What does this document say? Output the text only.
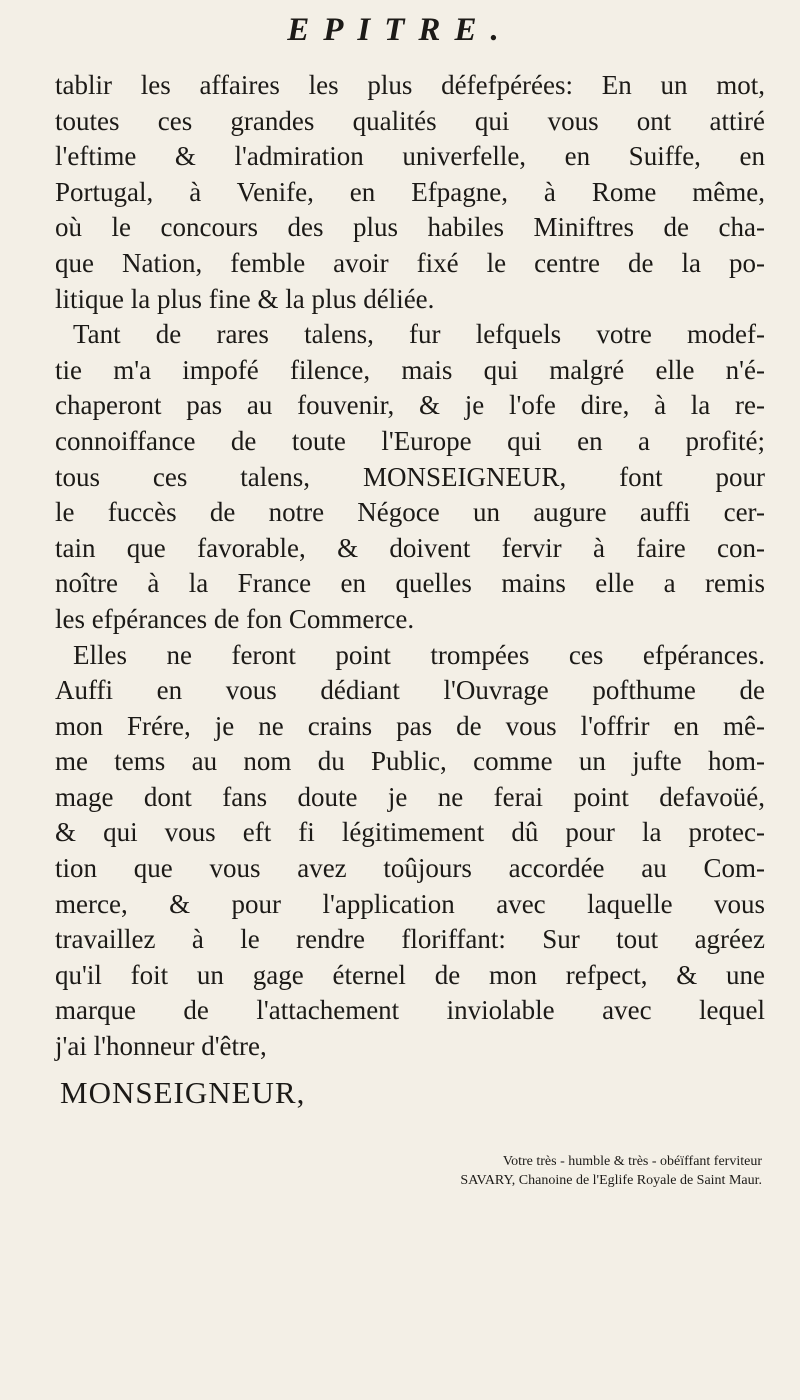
EPITRE.
tablir les affaires les plus défefpérées: En un mot,
toutes ces grandes qualités qui vous ont attiré
l'eftime & l'admiration univerfelle, en Suiffe, en
Portugal, à Venife, en Efpagne, à Rome même,
où le concours des plus habiles Miniftres de cha-
que Nation, femble avoir fixé le centre de la po-
litique la plus fine & la plus déliée.
Tant de rares talens, fur lefquels votre modef-
tie m'a impofé filence, mais qui malgré elle n'é-
chaperont pas au fouvenir, & je l'ofe dire, à la re-
connoiffance de toute l'Europe qui en a profité;
tous ces talens, MONSEIGNEUR, font pour
le fuccès de notre Négoce un augure auffi cer-
tain que favorable, & doivent fervir à faire con-
noître à la France en quelles mains elle a remis
les efpérances de fon Commerce.
Elles ne feront point trompées ces efpérances.
Auffi en vous dédiant l'Ouvrage pofthume de
mon Frére, je ne crains pas de vous l'offrir en mê-
me tems au nom du Public, comme un jufte hom-
mage dont fans doute je ne ferai point defavoüé,
& qui vous eft fi légitimement dû pour la protec-
tion que vous avez toûjours accordée au Com-
merce, & pour l'application avec laquelle vous
travaillez à le rendre floriffant: Sur tout agréez
qu'il foit un gage éternel de mon refpect, & une
marque de l'attachement inviolable avec lequel
j'ai l'honneur d'être,
MONSEIGNEUR,
Votre très - humble & très - obéïffant ferviteur
SAVARY, Chanoine de l'Eglife Royale de Saint Maur.
